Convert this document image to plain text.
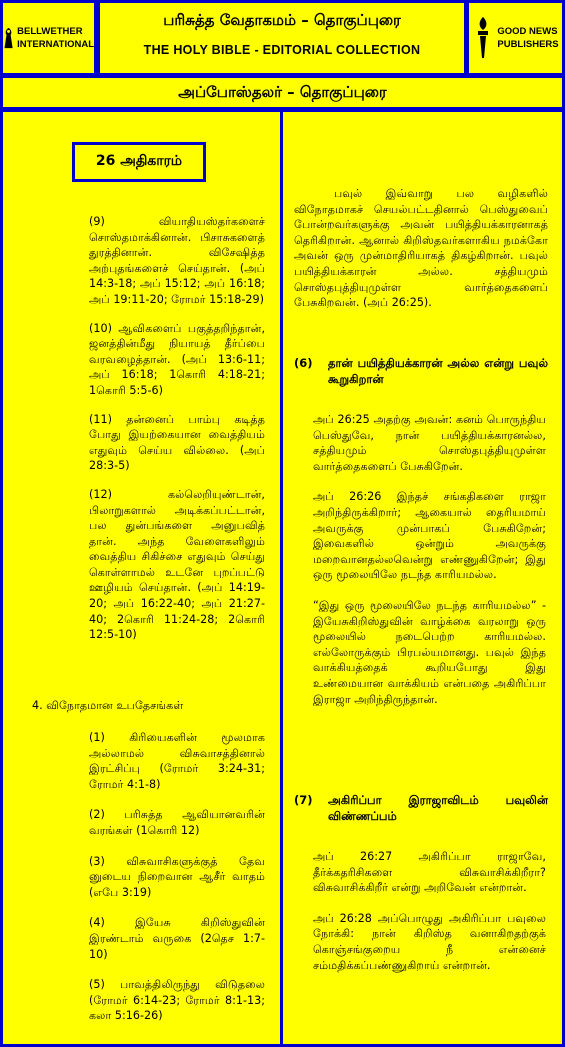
BELLWETHER
INTERNATIONAL
பரிசுத்த வேதாகமம் – தொகுப்புரை
THE HOLY BIBLE - EDITORIAL COLLECTION
GOOD NEWS
PUBLISHERS
அப்போஸ்தலர் – தொகுப்புரை
26 அதிகாரம்

(9) வியாதியஸ்தர்களைச் சொஸ்தமாக்கினான். பிசாசுகளைத் துரத்தினான். விசேஷித்த அற்புதங்களைச் செய்தான். (அப் 14:3-18; அப் 15:12; அப் 16:18; அப் 19:11-20; ரோமர் 15:18-29)

(10) ஆவிகளைப் பகுத்தறிந்தான், ஜனத்தின்மீது நியாயத் தீர்ப்பை வரவழைத்தான். (அப் 13:6-11; அப் 16:18; 1கொரி 4:18-21; 1கொரி 5:5-6)

(11) தன்னைப் பாம்பு கடித்த போது இயற்கையான வைத்தியம் எதுவும் செய்ய வில்லை. (அப் 28:3-5)

(12) கல்லெறியுண்டான், பிலாறுகளால் அடிக்கப்பட்டான், பல துன்பங்களை அனுபவித் தான். அந்த வேளைகளிலும் வைத்திய சிகிச்சை எதுவும் செய்து கொள்ளாமல் உடனே புறப்பட்டு ஊழியம் செய்தான். (அப் 14:19-20; அப் 16:22-40; அப் 21:27-40; 2கொரி 11:24-28; 2கொரி 12:5-10)

4. விநோதமான உபதேசங்கள்

(1) கிரியைகளின் மூலமாக அல்லாமல் விசுவாசத்தினால் இரட்சிப்பு (ரோமர் 3:24-31; ரோமர் 4:1-8)

(2) பரிசுத்த ஆவியானவரின் வரங்கள் (1கொரி 12)

(3) விசுவாசிகளுக்குத் தேவ னுடைய நிறைவான ஆசீர் வாதம் (எபே 3:19)

(4) இயேசு கிறிஸ்துவின் இரண்டாம் வருகை (2தெச 1:7-10)

(5) பாவத்திலிருந்து விடுதலை (ரோமர் 6:14-23; ரோமர் 8:1-13; கலா 5:16-26)

பவுல் இவ்வாறு பல வழிகளில் விநோதமாகச் செயல்பட்டதினால் பெஸ்துவைப் போன்றவர்களுக்கு அவன் பயித்தியக்காரனாகத் தெரிகிறான். ஆனால் கிறிஸ்தவர்களாகிய நமக்கோ அவன் ஒரு முன்மாதிரியாகத் திகழ்கிறான். பவுல் பயித்தியக்காரன் அல்ல. சத்தியமும் சொஸ்தபுத்தியுமுள்ள வார்த்தைகளைப் பேசுகிறவன். (அப் 26:25).

(6)	தான் பயித்தியக்காரன் அல்ல என்று பவுல் கூறுகிறான்

அப் 26:25 அதற்கு அவன்: கனம் பொருந்திய பெஸ்துவே, நான் பயித்தியக்காரனல்ல, சத்தியமும் சொஸ்தபுத்தியுமுள்ள வார்த்தைகளைப் பேசுகிறேன்.

அப் 26:26 இந்தச் சங்கதிகளை ராஜா அறிந்திருக்கிறார்; ஆகையால் தைரியமாய் அவருக்கு முன்பாகப் பேசுகிறேன்; இவைகளில் ஒன்றும் அவருக்கு மறைவானதல்லவென்று எண்ணுகிறேன்; இது ஒரு மூலையிலே நடந்த காரியமல்ல.

“இது ஒரு மூலையிலே நடந்த காரியமல்ல” - இயேசுகிறிஸ்துவின் வாழ்க்கை வரலாறு ஒரு மூலையில் நடைபெற்ற காரியமல்ல. எல்லோருக்கும் பிரபல்யமானது. பவுல் இந்த வாக்கியத்தைக் கூறியபோது இது உண்மையான வாக்கியம் என்பதை அகிரிப்பா இராஜா அறிந்திருந்தான்.

(7)	அகிரிப்பா இராஜாவிடம் பவுலின் விண்ணப்பம்

அப் 26:27 அகிரிப்பா ராஜாவே, தீர்க்கதரிசிகளை விசுவாசிக்கிறீரா? விசுவாசிக்கிறீர் என்று அறிவேன் என்றான்.

அப் 26:28 அப்பொழுது அகிரிப்பா பவுலை நோக்கி: நான் கிறிஸ்த வனாகிறதற்குக் கொஞ்சங்குறைய நீ என்னைச் சம்மதிக்கப்பண்ணுகிறாய் என்றான்.
